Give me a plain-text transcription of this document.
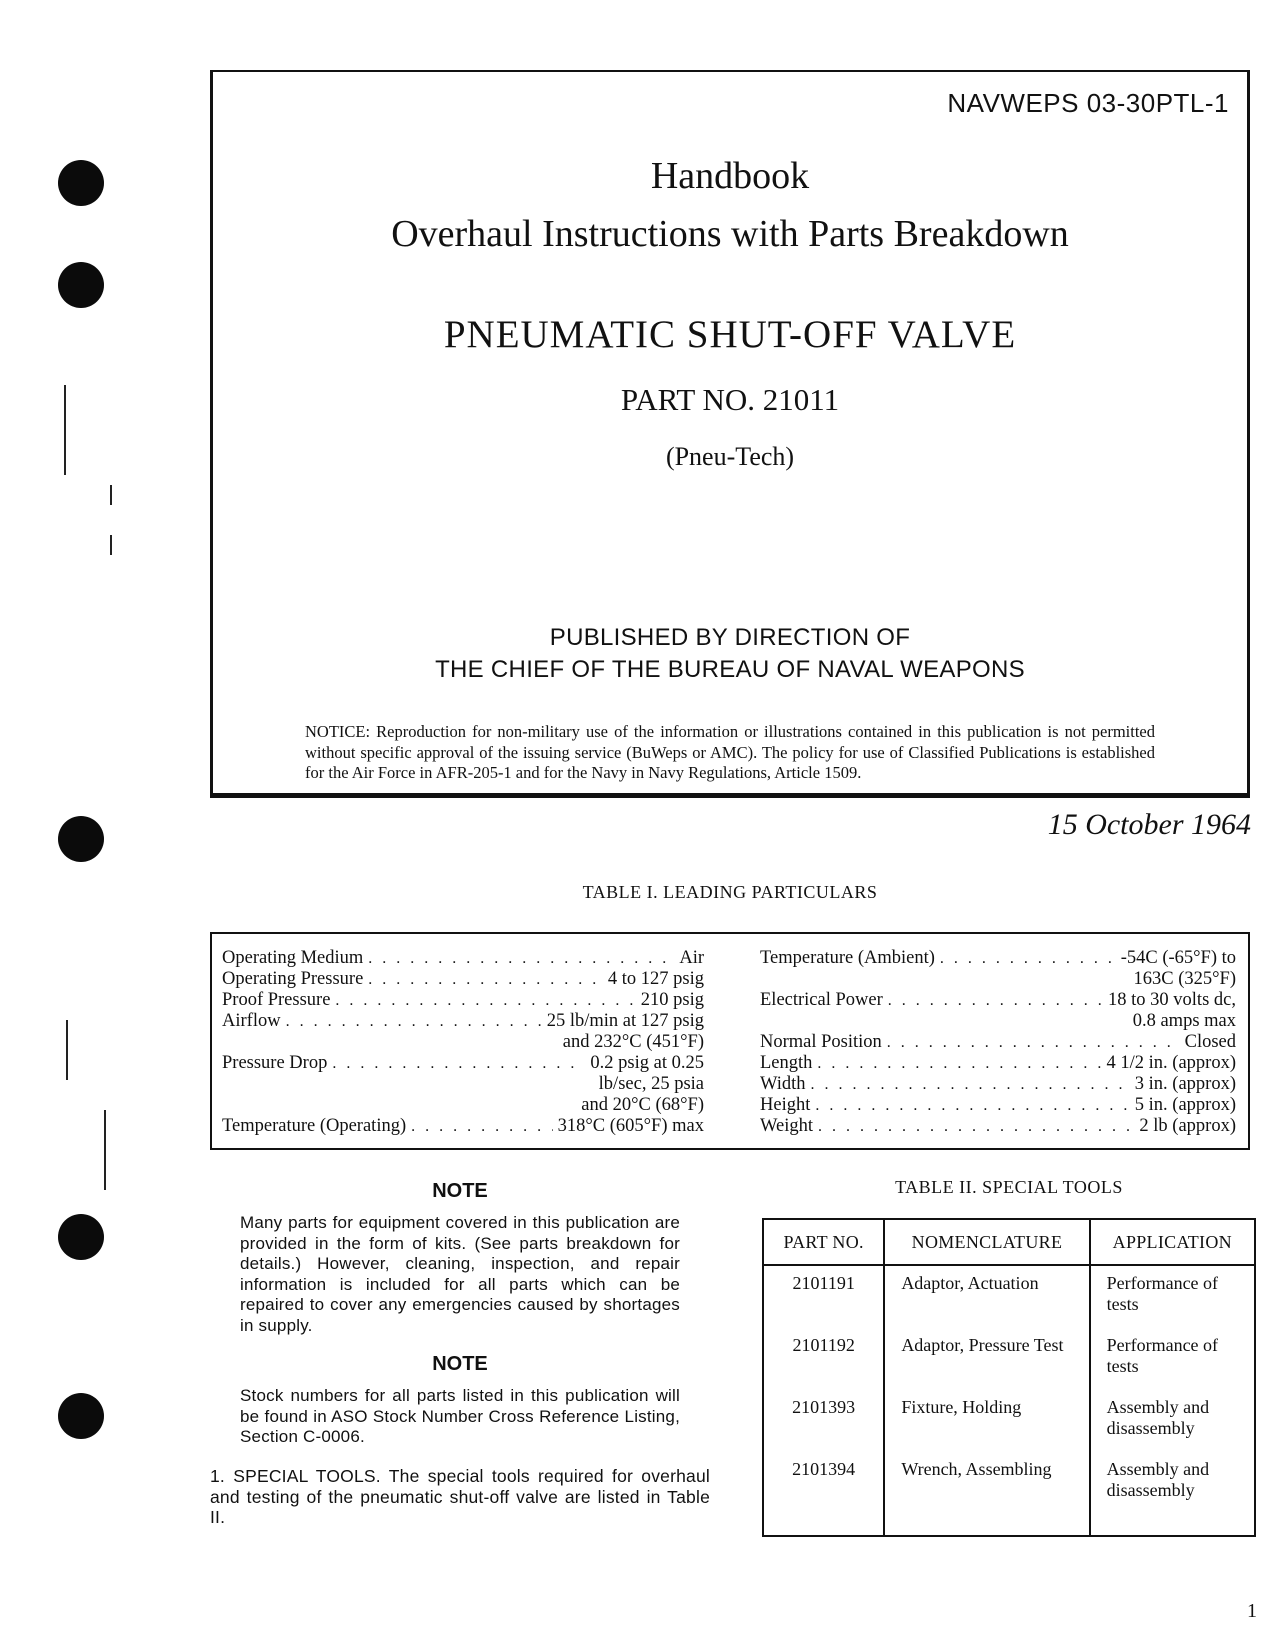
NAVWEPS 03-30PTL-1
Handbook
Overhaul Instructions with Parts Breakdown
PNEUMATIC SHUT-OFF VALVE
PART NO. 21011
(Pneu-Tech)
PUBLISHED BY DIRECTION OF
THE CHIEF OF THE BUREAU OF NAVAL WEAPONS
NOTICE: Reproduction for non-military use of the information or illustrations contained in this publication is not permitted without specific approval of the issuing service (BuWeps or AMC). The policy for use of Classified Publications is established for the Air Force in AFR-205-1 and for the Navy in Navy Regulations, Article 1509.
15 October 1964
TABLE I. LEADING PARTICULARS
Operating Medium . . .	Air
Operating Pressure . . .	4 to 127 psig
Proof Pressure . . .	210 psig
Airflow . . .	25 lb/min at 127 psig
and 232°C (451°F)
Pressure Drop . . .	0.2 psig at 0.25
lb/sec, 25 psia
and 20°C (68°F)
Temperature (Operating) . . .	318°C (605°F) max
Temperature (Ambient) . . .	-54C (-65°F) to
163C (325°F)
Electrical Power . . .	18 to 30 volts dc,
0.8 amps max
Normal Position . . .	Closed
Length . . .	4 1/2 in. (approx)
Width . . .	3 in. (approx)
Height . . .	5 in. (approx)
Weight . . .	2 lb (approx)
NOTE
Many parts for equipment covered in this publication are provided in the form of kits. (See parts breakdown for details.) However, cleaning, inspection, and repair information is included for all parts which can be repaired to cover any emergencies caused by shortages in supply.
NOTE
Stock numbers for all parts listed in this publication will be found in ASO Stock Number Cross Reference Listing, Section C-0006.
1. SPECIAL TOOLS. The special tools required for overhaul and testing of the pneumatic shut-off valve are listed in Table II.
TABLE II. SPECIAL TOOLS
PART NO.	NOMENCLATURE	APPLICATION
2101191	Adaptor, Actuation	Performance of tests
2101192	Adaptor, Pressure Test	Performance of tests
2101393	Fixture, Holding	Assembly and disassembly
2101394	Wrench, Assembling	Assembly and disassembly
1
